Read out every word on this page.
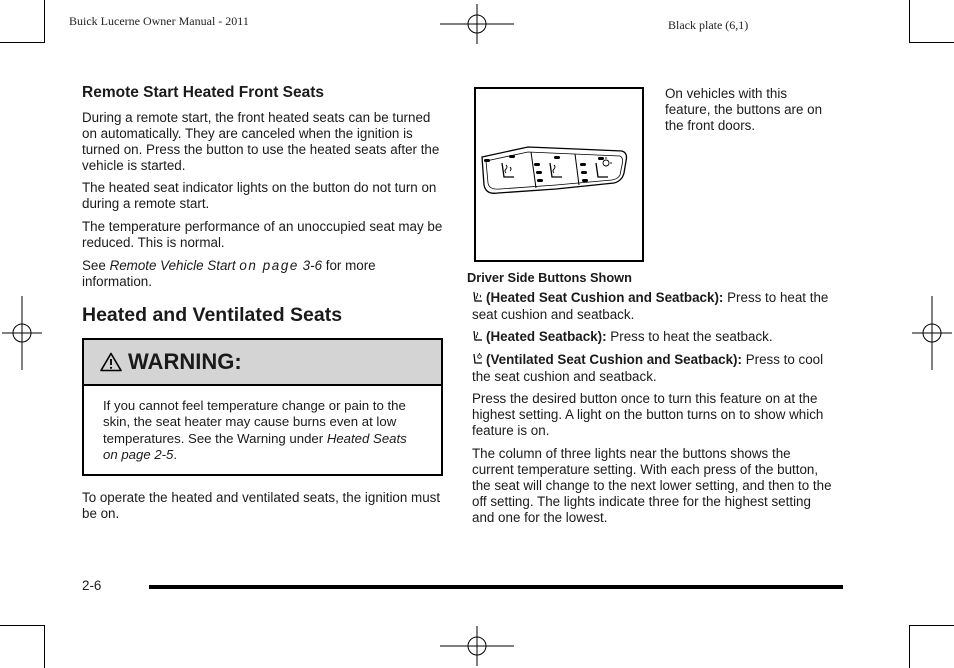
Buick Lucerne Owner Manual - 2011	Black plate (6,1)
Remote Start Heated Front Seats

During a remote start, the front heated seats can be turned on automatically. They are canceled when the ignition is turned on. Press the button to use the heated seats after the vehicle is started.

The heated seat indicator lights on the button do not turn on during a remote start.

The temperature performance of an unoccupied seat may be reduced. This is normal.

See Remote Vehicle Start on page 3-6 for more information.
Heated and Ventilated Seats
WARNING:
If you cannot feel temperature change or pain to the skin, the seat heater may cause burns even at low temperatures. See the Warning under Heated Seats on page 2-5.

To operate the heated and ventilated seats, the ignition must be on.

On vehicles with this feature, the buttons are on the front doors.
Driver Side Buttons Shown
(Heated Seat Cushion and Seatback): Press to heat the seat cushion and seatback.
(Heated Seatback): Press to heat the seatback.
(Ventilated Seat Cushion and Seatback): Press to cool the seat cushion and seatback.

Press the desired button once to turn this feature on at the highest setting. A light on the button turns on to show which feature is on.

The column of three lights near the buttons shows the current temperature setting. With each press of the button, the seat will change to the next lower setting, and then to the off setting. The lights indicate three for the highest setting and one for the lowest.

2-6
